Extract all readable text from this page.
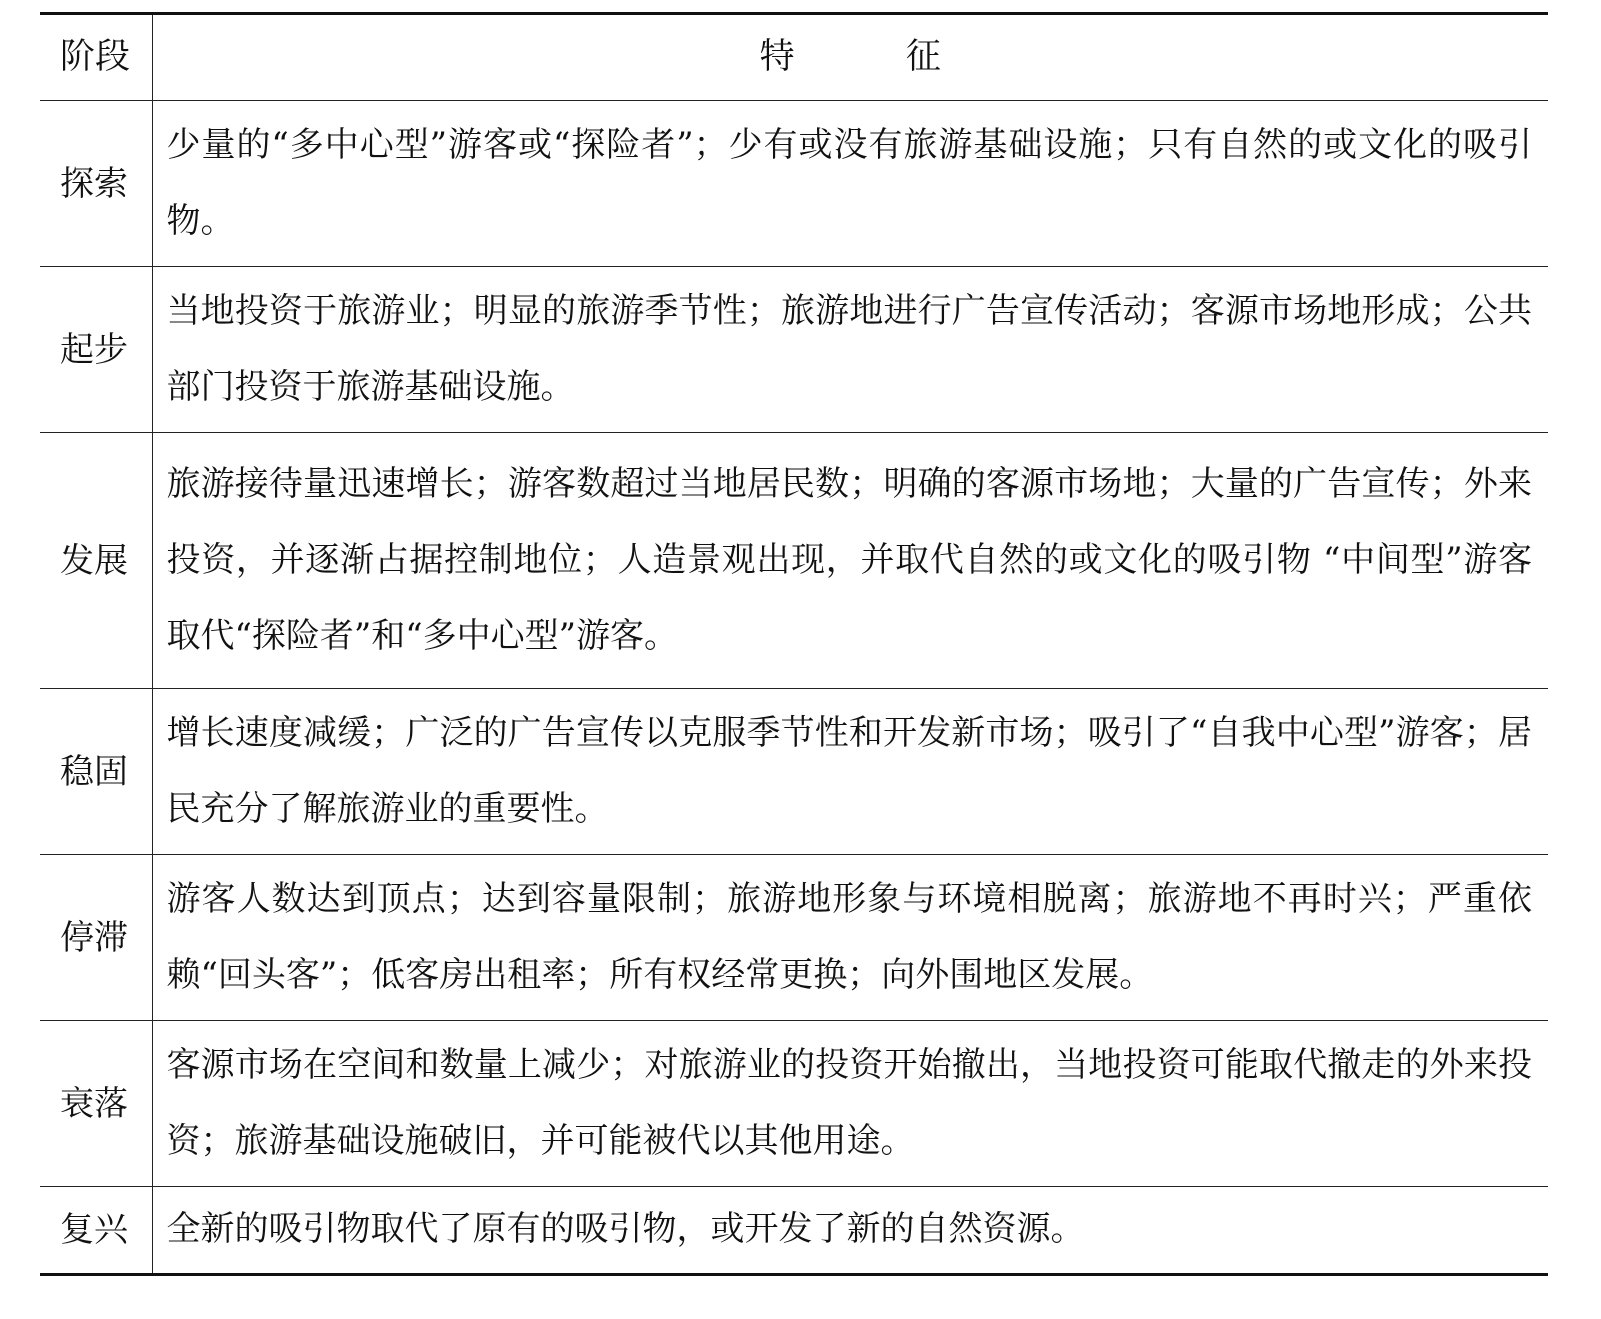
阶段	特          征
探索	少量的“多中心型”游客或“探险者”；少有或没有旅游基础设施；只有自然的或文化的吸引物。
起步	当地投资于旅游业；明显的旅游季节性；旅游地进行广告宣传活动；客源市场地形成；公共部门投资于旅游基础设施。
发展	旅游接待量迅速增长；游客数超过当地居民数；明确的客源市场地；大量的广告宣传；外来投资，并逐渐占据控制地位；人造景观出现，并取代自然的或文化的吸引物 “中间型”游客取代“探险者”和“多中心型”游客。
稳固	增长速度减缓；广泛的广告宣传以克服季节性和开发新市场；吸引了“自我中心型”游客；居民充分了解旅游业的重要性。
停滞	游客人数达到顶点；达到容量限制；旅游地形象与环境相脱离；旅游地不再时兴；严重依赖“回头客”；低客房出租率；所有权经常更换；向外围地区发展。
衰落	客源市场在空间和数量上减少；对旅游业的投资开始撤出，当地投资可能取代撤走的外来投资；旅游基础设施破旧，并可能被代以其他用途。
复兴	全新的吸引物取代了原有的吸引物，或开发了新的自然资源。
